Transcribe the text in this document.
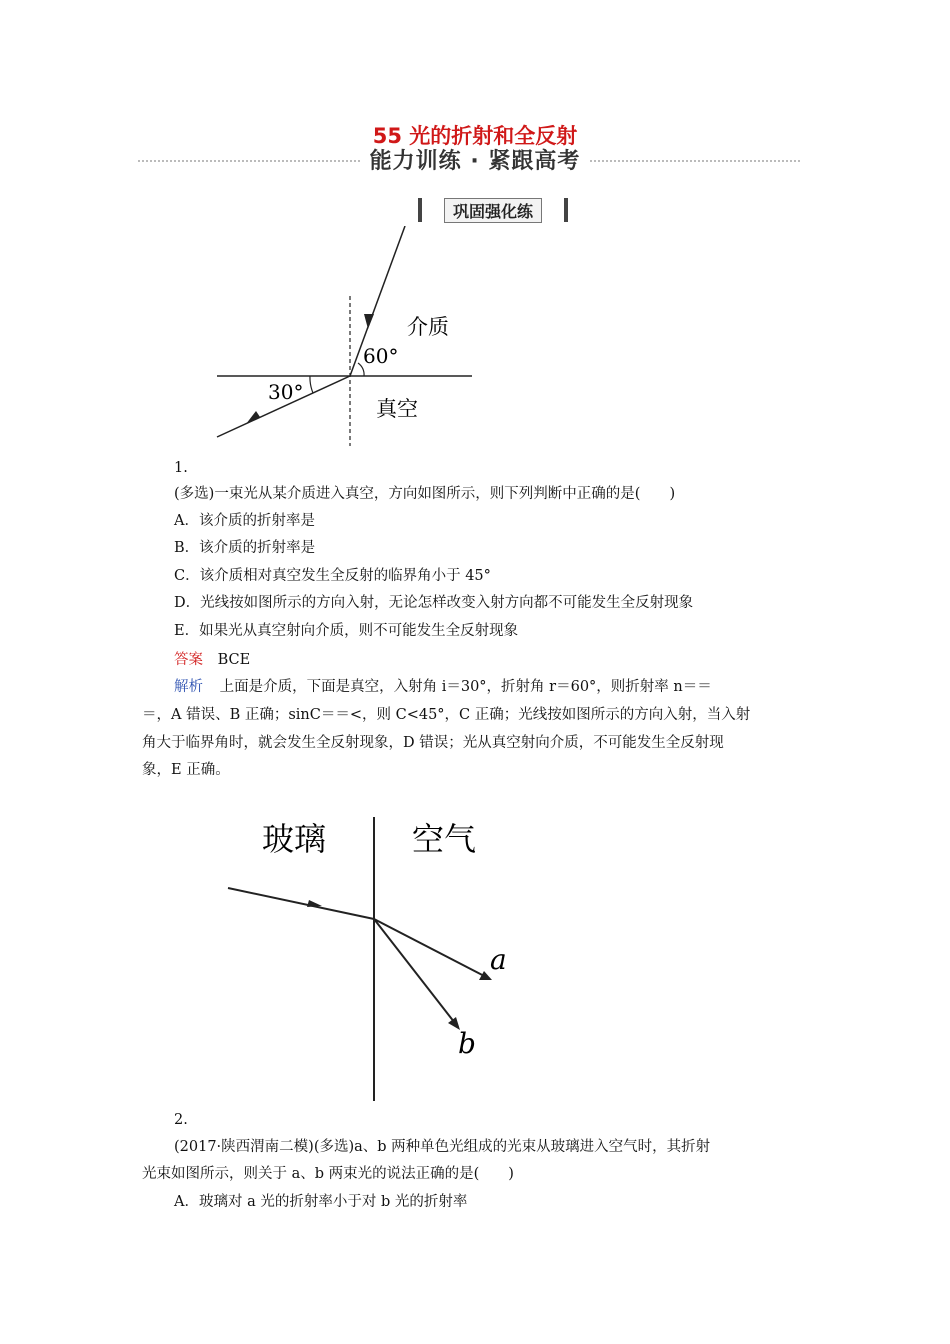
55 光的折射和全反射
能力训练 · 紧跟高考
巩固强化练
介质
真空
60°
30°
1.
(多选)一束光从某介质进入真空，方向如图所示，则下列判断中正确的是(　　)
A．该介质的折射率是
B．该介质的折射率是
C．该介质相对真空发生全反射的临界角小于 45°
D．光线按如图所示的方向入射，无论怎样改变入射方向都不可能发生全反射现象
E．如果光从真空射向介质，则不可能发生全反射现象
答案 BCE
解析 上面是介质，下面是真空，入射角 i＝30°，折射角 r＝60°，则折射率 n＝＝
＝，A 错误、B 正确；sinC＝＝<，则 C<45°，C 正确；光线按如图所示的方向入射，当入射
角大于临界角时，就会发生全反射现象，D 错误；光从真空射向介质，不可能发生全反射现
象，E 正确。
玻璃	空气
a
b
2.
(2017·陕西渭南二模)(多选)a、b 两种单色光组成的光束从玻璃进入空气时，其折射
光束如图所示，则关于 a、b 两束光的说法正确的是(　　)
A．玻璃对 a 光的折射率小于对 b 光的折射率
